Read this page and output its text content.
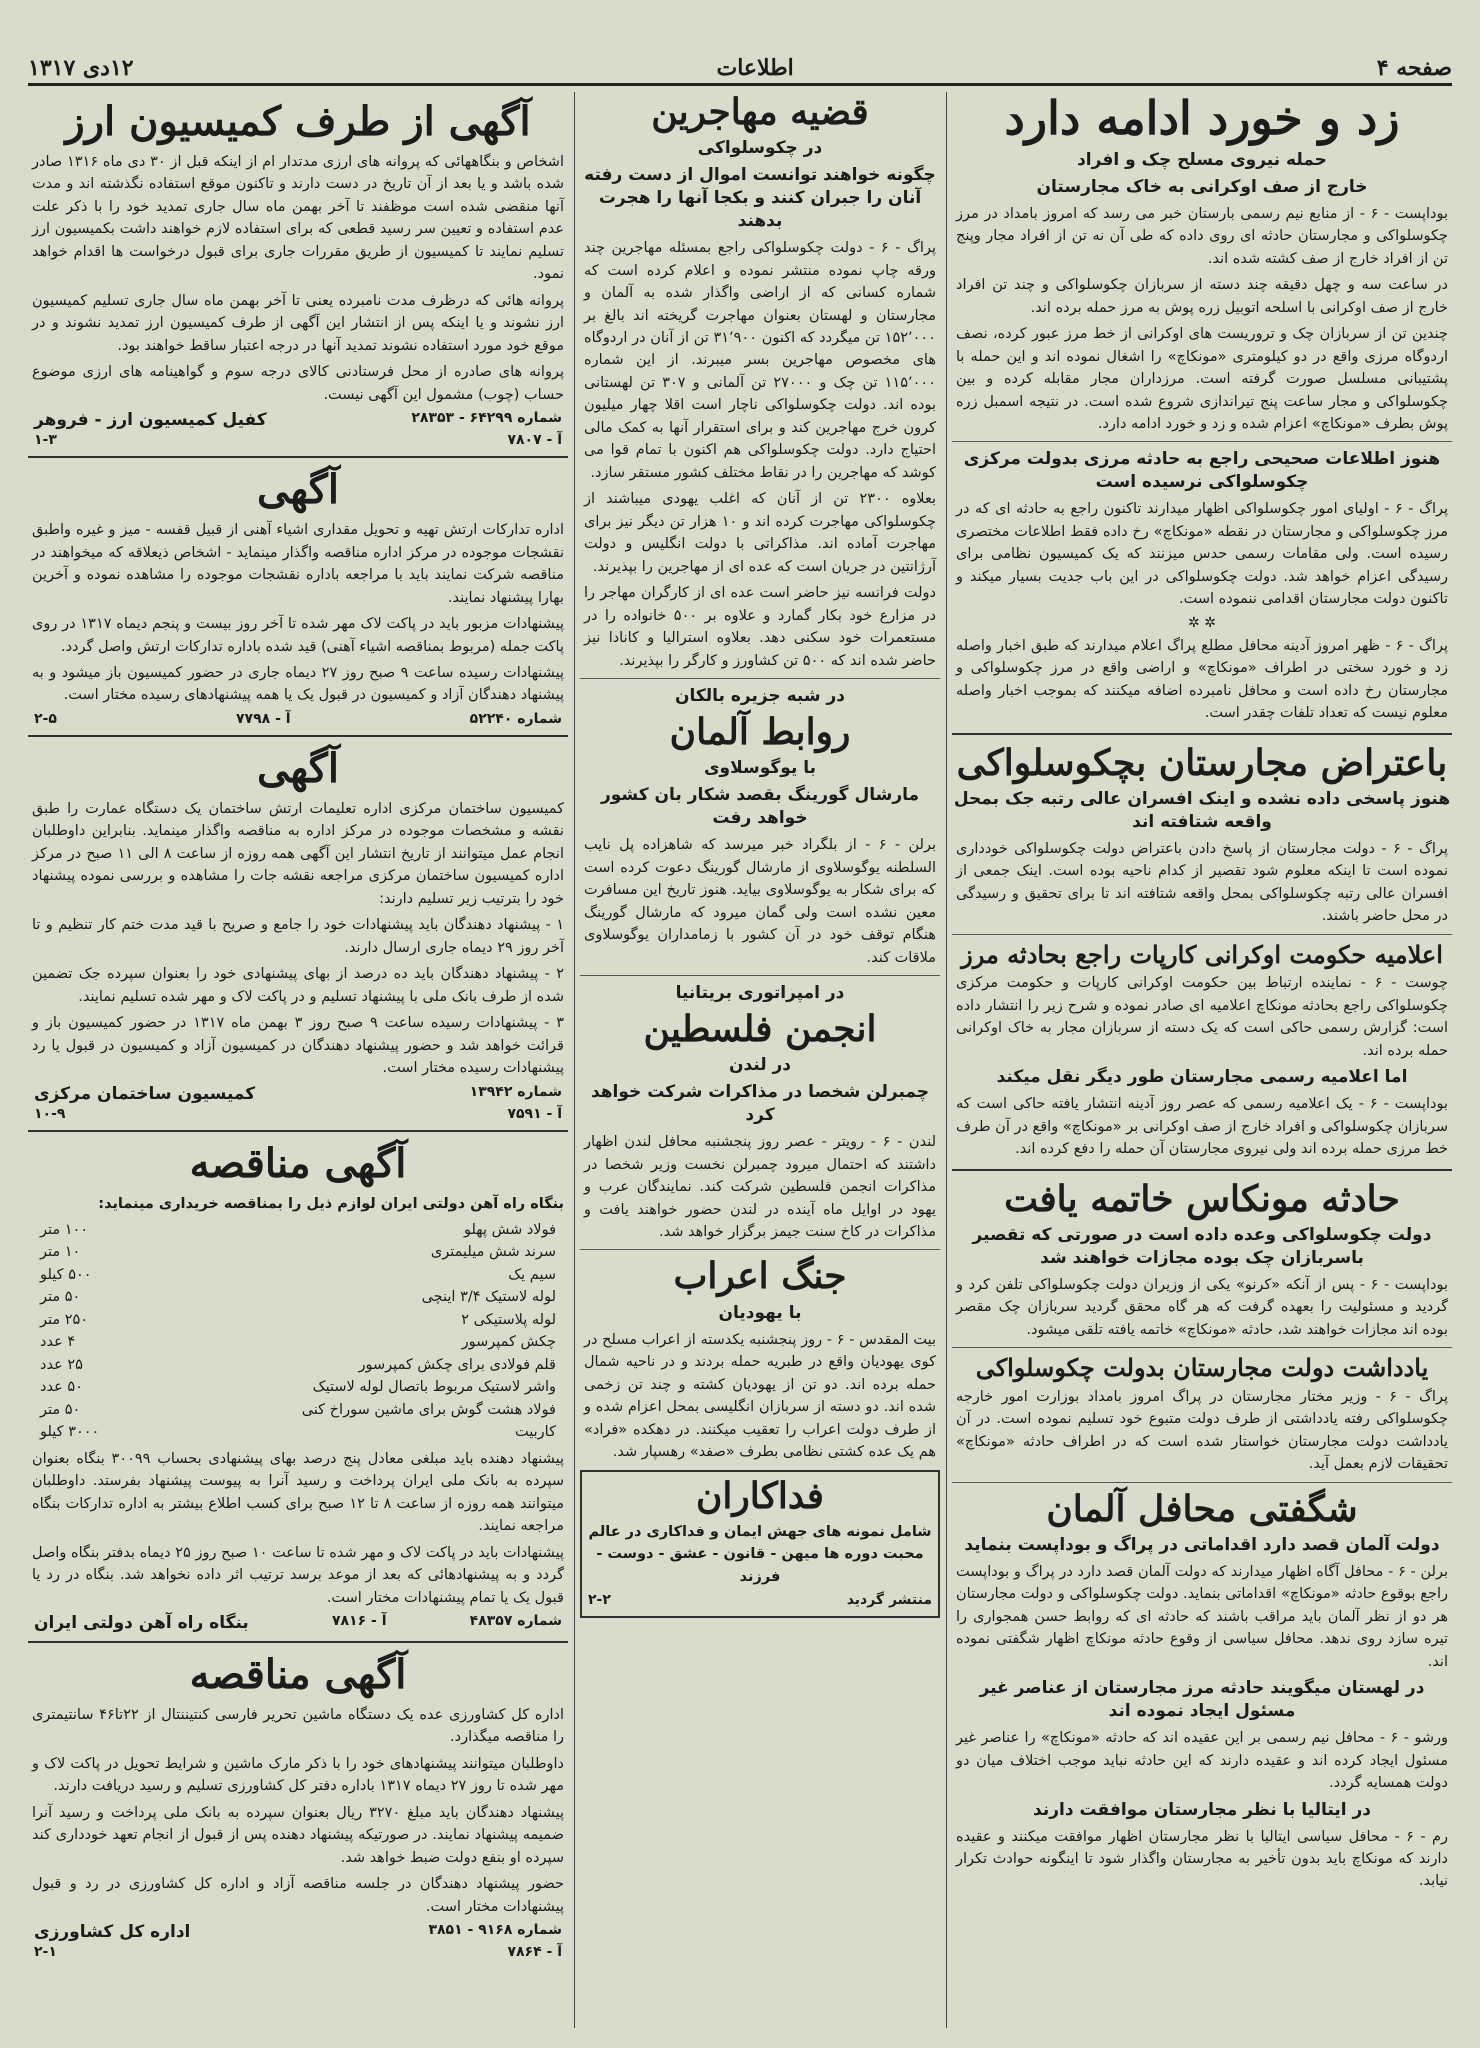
صفحه ۴
اطلاعات
۱۲دی ۱۳۱۷
زد و خورد ادامه دارد
حمله نیروی مسلح چک و افراد
خارج از صف اوکرانی به خاک مجارستان

بوداپست - ۶ - از منابع نیم رسمی بارستان خبر می رسد که امروز بامداد در مرز چکوسلواکی و مجارستان حادثه ای روی داده که طی آن نه تن از افراد مجار وپنج تن از افراد خارج از صف کشته شده اند.

در ساعت سه و چهل دقیقه چند دسته از سربازان چکوسلواکی و چند تن افراد خارج از صف اوکرانی با اسلحه اتوبیل زره پوش به مرز حمله برده اند.

چندین تن از سربازان چک و تروریست های اوکرانی از خط مرز عبور کرده، نصف اردوگاه مرزی واقع در دو کیلومتری «مونکاچ» را اشغال نموده اند و این حمله با پشتیبانی مسلسل صورت گرفته است. مرزداران مجار مقابله کرده و بین چکوسلواکی و مجار ساعت پنج تیراندازی شروع شده است. در نتیجه اسمبل زره پوش بطرف «مونکاچ» اعزام شده و زد و خورد ادامه دارد.

هنوز اطلاعات صحیحی راجع به حادثه مرزی بدولت مرکزی چکوسلواکی نرسیده است

پراگ - ۶ - اولیای امور چکوسلواکی اظهار میدارند تاکنون راجع به حادثه ای که در مرز چکوسلواکی و مجارستان در نقطه «مونکاچ» رخ داده فقط اطلاعات مختصری رسیده است. ولی مقامات رسمی حدس میزنند که یک کمیسیون نظامی برای رسیدگی اعزام خواهد شد. دولت چکوسلواکی در این باب جدیت بسیار میکند و تاکنون دولت مجارستان اقدامی ننموده است.

✲ ✲

پراگ - ۶ - ظهر امروز آدینه محافل مطلع پراگ اعلام میدارند که طبق اخبار واصله زد و خورد سختی در اطراف «مونکاچ» و اراضی واقع در مرز چکوسلواکی و مجارستان رخ داده است و محافل نامبرده اضافه میکنند که بموجب اخبار واصله معلوم نیست که تعداد تلفات چقدر است.

باعتراض مجارستان بچکوسلواکی
هنوز پاسخی داده نشده و اینک افسران عالی رتبه جک بمحل واقعه شتافته اند

پراگ - ۶ - دولت مجارستان از پاسخ دادن باعتراض دولت چکوسلواکی خودداری نموده است تا اینکه معلوم شود تقصیر از کدام ناحیه بوده است. اینک جمعی از افسران عالی رتبه چکوسلواکی بمحل واقعه شتافته اند تا برای تحقیق و رسیدگی در محل حاضر باشند.

اعلامیه حکومت اوکرانی کارپات راجع بحادثه مرز

چوست - ۶ - نماینده ارتباط بین حکومت اوکرانی کارپات و حکومت مرکزی چکوسلواکی راجع بحادثه مونکاچ اعلامیه ای صادر نموده و شرح زیر را انتشار داده است: گزارش رسمی حاکی است که یک دسته از سربازان مجار به خاک اوکرانی حمله برده اند.

اما اعلامیه رسمی مجارستان طور دیگر نقل میکند

بوداپست - ۶ - یک اعلامیه رسمی که عصر روز آدینه انتشار یافته حاکی است که سربازان چکوسلواکی و افراد خارج از صف اوکرانی بر «مونکاچ» واقع در آن طرف خط مرزی حمله برده اند ولی نیروی مجارستان آن حمله را دفع کرده اند.

حادثه مونکاس خاتمه یافت
دولت چکوسلواکی وعده داده است در صورتی که تقصیر باسربازان چک بوده مجازات خواهند شد

بوداپست - ۶ - پس از آنکه «کرنو» یکی از وزیران دولت چکوسلواکی تلفن کرد و گردید و مسئولیت را بعهده گرفت که هر گاه محقق گردید سربازان چک مقصر بوده اند مجازات خواهند شد، حادثه «مونکاچ» خاتمه یافته تلقی میشود.

یادداشت دولت مجارستان بدولت چکوسلواکی

پراگ - ۶ - وزیر مختار مجارستان در پراگ امروز بامداد بوزارت امور خارجه چکوسلواکی رفته یادداشتی از طرف دولت متبوع خود تسلیم نموده است. در آن یادداشت دولت مجارستان خواستار شده است که در اطراف حادثه «مونکاچ» تحقیقات لازم بعمل آید.

شگفتی محافل آلمان
دولت آلمان قصد دارد اقداماتی در پراگ و بوداپست بنماید

برلن - ۶ - محافل آگاه اظهار میدارند که دولت آلمان قصد دارد در پراگ و بوداپست راجع بوقوع حادثه «مونکاچ» اقداماتی بنماید. دولت چکوسلواکی و دولت مجارستان هر دو از نظر آلمان باید مراقب باشند که حادثه ای که روابط حسن همجواری را تیره سازد روی ندهد. محافل سیاسی از وقوع حادثه مونکاچ اظهار شگفتی نموده اند.

در لهستان میگویند حادثه مرز مجارستان از عناصر غیر مسئول ایجاد نموده اند

ورشو - ۶ - محافل نیم رسمی بر این عقیده اند که حادثه «مونکاچ» را عناصر غیر مسئول ایجاد کرده اند و عقیده دارند که این حادثه نباید موجب اختلاف میان دو دولت همسایه گردد.

در ایتالیا با نظر مجارستان موافقت دارند

رم - ۶ - محافل سیاسی ایتالیا با نظر مجارستان اظهار موافقت میکنند و عقیده دارند که مونکاچ باید بدون تأخیر به مجارستان واگذار شود تا اینگونه حوادث تکرار نیابد.

قضیه مهاجرین
در چکوسلواکی
چگونه خواهند توانست اموال از دست رفته آنان را جبران کنند و بکجا آنها را هجرت بدهند

پراگ - ۶ - دولت چکوسلواکی راجع بمسئله مهاجرین چند ورقه چاپ نموده منتشر نموده و اعلام کرده است که شماره کسانی که از اراضی واگذار شده به آلمان و مجارستان و لهستان بعنوان مهاجرت گریخته اند بالغ بر ۱۵۲٬۰۰۰ تن میگردد که اکنون ۳۱٬۹۰۰ تن از آنان در اردوگاه های مخصوص مهاجرین بسر میبرند. از این شماره ۱۱۵٬۰۰۰ تن چک و ۲۷۰۰۰ تن آلمانی و ۳۰۷ تن لهستانی بوده اند. دولت چکوسلواکی ناچار است اقلا چهار میلیون کرون خرج مهاجرین کند و برای استقرار آنها به کمک مالی احتیاج دارد. دولت چکوسلواکی هم اکنون با تمام قوا می کوشد که مهاجرین را در نقاط مختلف کشور مستقر سازد.

بعلاوه ۲۳۰۰ تن از آنان که اغلب یهودی میباشند از چکوسلواکی مهاجرت کرده اند و ۱۰ هزار تن دیگر نیز برای مهاجرت آماده اند. مذاکراتی با دولت انگلیس و دولت آرژانتین در جریان است که عده ای از مهاجرین را بپذیرند.

دولت فرانسه نیز حاضر است عده ای از کارگران مهاجر را در مزارع خود بکار گمارد و علاوه بر ۵۰۰ خانواده را در مستعمرات خود سکنی دهد. بعلاوه استرالیا و کانادا نیز حاضر شده اند که ۵۰۰ تن کشاورز و کارگر را بپذیرند.

در شبه جزیره بالکان
روابط آلمان
با یوگوسلاوی
مارشال گورینگ بقصد شکار بان کشور خواهد رفت

برلن - ۶ - از بلگراد خبر میرسد که شاهزاده پل نایب السلطنه یوگوسلاوی از مارشال گورینگ دعوت کرده است که برای شکار به یوگوسلاوی بیاید. هنوز تاریخ این مسافرت معین نشده است ولی گمان میرود که مارشال گورینگ هنگام توقف خود در آن کشور با زمامداران یوگوسلاوی ملاقات کند.

در امپراتوری بریتانیا
انجمن فلسطین
در لندن
چمبرلن شخصا در مذاکرات شرکت خواهد کرد

لندن - ۶ - رویتر - عصر روز پنجشنبه محافل لندن اظهار داشتند که احتمال میرود چمبرلن نخست وزیر شخصا در مذاکرات انجمن فلسطین شرکت کند. نمایندگان عرب و یهود در اوایل ماه آینده در لندن حضور خواهند یافت و مذاکرات در کاخ سنت جیمز برگزار خواهد شد.

جنگ اعراب
با یهودیان

بیت المقدس - ۶ - روز پنجشنبه یکدسته از اعراب مسلح در کوی یهودیان واقع در طبریه حمله بردند و در ناحیه شمال حمله برده اند. دو تن از یهودیان کشته و چند تن زخمی شده اند. دو دسته از سربازان انگلیسی بمحل اعزام شده و از طرف دولت اعراب را تعقیب میکنند. در دهکده «فراد» هم یک عده کشتی نظامی بطرف «صفد» رهسپار شد.

فداکاران

شامل نمونه های جهش ایمان و فداکاری در عالم محبت دوره ها میهن - قانون - عشق - دوست - فرزند

منتشر گردید
۲-۲
آگهی از طرف کمیسیون ارز

اشخاص و بنگاههائی که پروانه های ارزی مدتدار ام از اینکه قبل از ۳۰ دی ماه ۱۳۱۶ صادر شده باشد و یا بعد از آن تاریخ در دست دارند و تاکنون موقع استفاده نگذشته اند و مدت آنها منقضی شده است موظفند تا آخر بهمن ماه سال جاری تمدید خود را با ذکر علت عدم استفاده و تعیین سر رسید قطعی که برای استفاده لازم خواهند داشت بکمیسیون ارز تسلیم نمایند تا کمیسیون از طریق مقررات جاری برای قبول درخواست ها اقدام خواهد نمود.

پروانه هائی که درظرف مدت نامبرده یعنی تا آخر بهمن ماه سال جاری تسلیم کمیسیون ارز نشوند و یا اینکه پس از انتشار این آگهی از طرف کمیسیون ارز تمدید نشوند و در موقع خود مورد استفاده نشوند تمدید آنها در درجه اعتبار ساقط خواهند بود.

پروانه های صادره از محل فرستادنی کالای درجه سوم و گواهینامه های ارزی موضوع حساب (چوب) مشمول این آگهی نیست.

شماره ۶۴۲۹۹ - ۲۸۳۵۳
کفیل کمیسیون ارز - فروهر
آ - ۷۸۰۷
۱-۳
آگهی

اداره تدارکات ارتش تهیه و تحویل مقداری اشیاء آهنی از قبیل قفسه - میز و غیره واطبق نقشجات موجوده در مرکز اداره مناقصه واگذار مینماید - اشخاص ذیعلاقه که میخواهند در مناقصه شرکت نمایند باید با مراجعه باداره نقشجات موجوده را مشاهده نموده و آخرین بهارا پیشنهاد نمایند.

پیشنهادات مزبور باید در پاکت لاک مهر شده تا آخر روز بیست و پنجم دیماه ۱۳۱۷ در روی پاکت جمله (مربوط بمناقصه اشیاء آهنی) قید شده باداره تدارکات ارتش واصل گردد.

پیشنهادات رسیده ساعت ۹ صبح روز ۲۷ دیماه جاری در حضور کمیسیون باز میشود و به پیشنهاد دهندگان آزاد و کمیسیون در قبول یک یا همه پیشنهادهای رسیده مختار است.

شماره ۵۲۲۴۰
آ - ۷۷۹۸
۲-۵
آگهی

کمیسیون ساختمان مرکزی اداره تعلیمات ارتش ساختمان یک دستگاه عمارت را طبق نقشه و مشخصات موجوده در مرکز اداره به مناقصه واگذار مینماید. بنابراین داوطلبان انجام عمل میتوانند از تاریخ انتشار این آگهی همه روزه از ساعت ۸ الی ۱۱ صبح در مرکز اداره کمیسیون ساختمان مرکزی مراجعه نقشه جات را مشاهده و بررسی نموده پیشنهاد خود را بترتیب زیر تسلیم دارند:

۱ - پیشنهاد دهندگان باید پیشنهادات خود را جامع و صریح با قید مدت ختم کار تنظیم و تا آخر روز ۲۹ دیماه جاری ارسال دارند.

۲ - پیشنهاد دهندگان باید ده درصد از بهای پیشنهادی خود را بعنوان سپرده جک تضمین شده از طرف بانک ملی با پیشنهاد تسلیم و در پاکت لاک و مهر شده تسلیم نمایند.

۳ - پیشنهادات رسیده ساعت ۹ صبح روز ۳ بهمن ماه ۱۳۱۷ در حضور کمیسیون باز و قرائت خواهد شد و حضور پیشنهاد دهندگان در کمیسیون آزاد و کمیسیون در قبول یا رد پیشنهادات رسیده مختار است.

شماره ۱۳۹۴۲
کمیسیون ساختمان مرکزی
آ - ۷۵۹۱
۱۰-۹
آگهی مناقصه

بنگاه راه آهن دولتی ایران لوازم ذیل را بمناقصه خریداری مینماید:

فولاد شش پهلو
۱۰۰ متر
سرند شش میلیمتری
۱۰ متر
سیم یک
۵۰۰ کیلو
لوله لاستیک ۳/۴ اینچی
۵۰ متر
لوله پلاستیکی ۲
۲۵۰ متر
چکش کمپرسور
۴ عدد
قلم فولادی برای چکش کمپرسور
۲۵ عدد
واشر لاستیک مربوط باتصال لوله لاستیک
۵۰ عدد
فولاد هشت گوش برای ماشین سوراخ کنی
۵۰ متر
کاربیت
۳۰۰۰ کیلو

پیشنهاد دهنده باید مبلغی معادل پنج درصد بهای پیشنهادی بحساب ۳۰۰۹۹ بنگاه بعنوان سپرده به بانک ملی ایران پرداخت و رسید آنرا به پیوست پیشنهاد بفرستد. داوطلبان میتوانند همه روزه از ساعت ۸ تا ۱۲ صبح برای کسب اطلاع بیشتر به اداره تدارکات بنگاه مراجعه نمایند.

پیشنهادات باید در پاکت لاک و مهر شده تا ساعت ۱۰ صبح روز ۲۵ دیماه بدفتر بنگاه واصل گردد و به پیشنهادهائی که بعد از موعد برسد ترتیب اثر داده نخواهد شد. بنگاه در رد یا قبول یک یا تمام پیشنهادات مختار است.

شماره ۴۸۳۵۷
آ - ۷۸۱۶
بنگاه راه آهن دولتی ایران
آگهی مناقصه

اداره کل کشاورزی عده یک دستگاه ماشین تحریر فارسی کنتیننتال از ۲۲تا۴۶ سانتیمتری را مناقصه میگذارد.

داوطلبان میتوانند پیشنهادهای خود را با ذکر مارک ماشین و شرایط تحویل در پاکت لاک و مهر شده تا روز ۲۷ دیماه ۱۳۱۷ باداره دفتر کل کشاورزی تسلیم و رسید دریافت دارند.

پیشنهاد دهندگان باید مبلغ ۳۲۷۰ ریال بعنوان سپرده به بانک ملی پرداخت و رسید آنرا ضمیمه پیشنهاد نمایند. در صورتیکه پیشنهاد دهنده پس از قبول از انجام تعهد خودداری کند سپرده او بنفع دولت ضبط خواهد شد.

حضور پیشنهاد دهندگان در جلسه مناقصه آزاد و اداره کل کشاورزی در رد و قبول پیشنهادات مختار است.

شماره ۹۱۶۸ - ۳۸۵۱
اداره کل کشاورزی
آ - ۷۸۶۴
۲-۱
